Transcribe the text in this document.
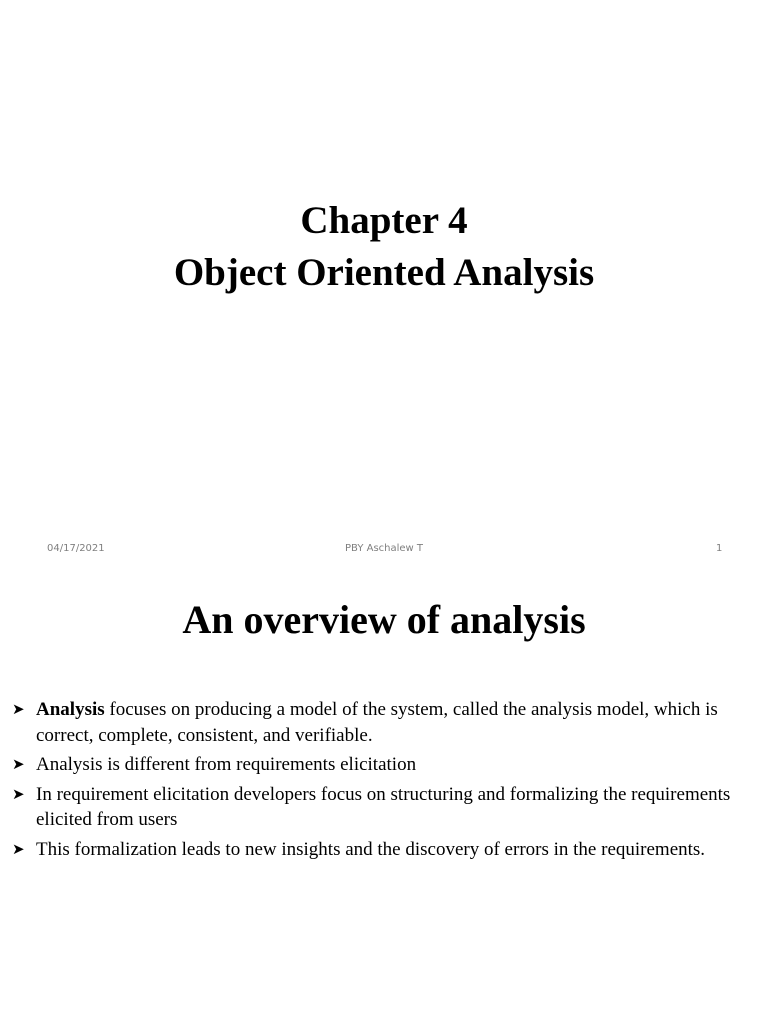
Chapter 4
Object Oriented Analysis
04/17/2021	PBY Aschalew T	1
An overview of analysis
➤ Analysis focuses on producing a model of the system, called the analysis model, which is correct, complete, consistent, and verifiable.
➤ Analysis is different from requirements elicitation
➤ In requirement elicitation developers focus on structuring and formalizing the requirements elicited from users
➤ This formalization leads to new insights and the discovery of errors in the requirements.
